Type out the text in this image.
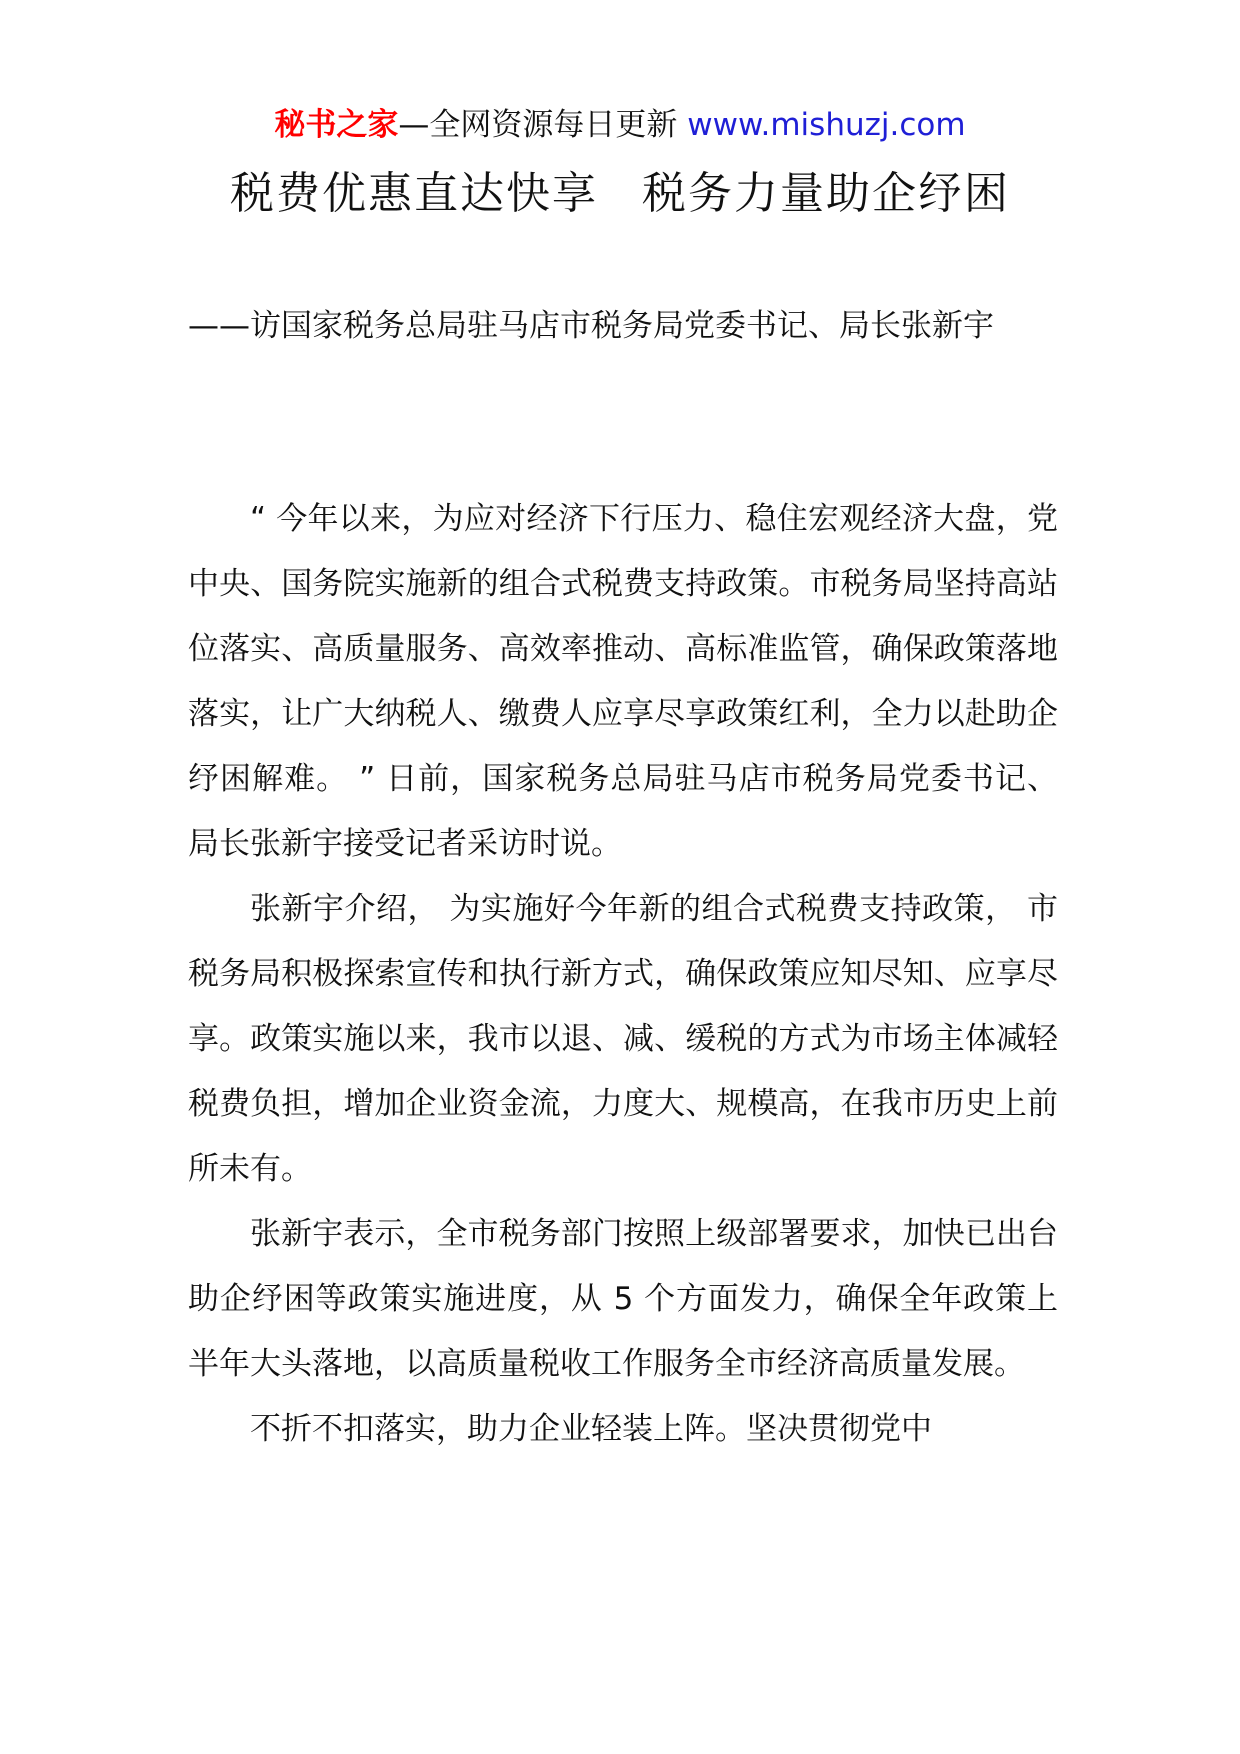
秘书之家—全网资源每日更新 www.mishuzj.com
税费优惠直达快享 税务力量助企纾困
——访国家税务总局驻马店市税务局党委书记、局长张新宇

“ 今年以来，为应对经济下行压力、稳住宏观经济大盘，党中央、国务院实施新的组合式税费支持政策。市税务局坚持高站位落实、高质量服务、高效率推动、高标准监管，确保政策落地落实，让广大纳税人、缴费人应享尽享政策红利，全力以赴助企纾困解难。 ” 日前，国家税务总局驻马店市税务局党委书记、局长张新宇接受记者采访时说。

张新宇介绍， 为实施好今年新的组合式税费支持政策， 市税务局积极探索宣传和执行新方式，确保政策应知尽知、应享尽享。政策实施以来，我市以退、减、缓税的方式为市场主体减轻税费负担，增加企业资金流，力度大、规模高，在我市历史上前所未有。

张新宇表示，全市税务部门按照上级部署要求，加快已出台助企纾困等政策实施进度，从 5 个方面发力，确保全年政策上半年大头落地，以高质量税收工作服务全市经济高质量发展。

不折不扣落实，助力企业轻装上阵。坚决贯彻党中
